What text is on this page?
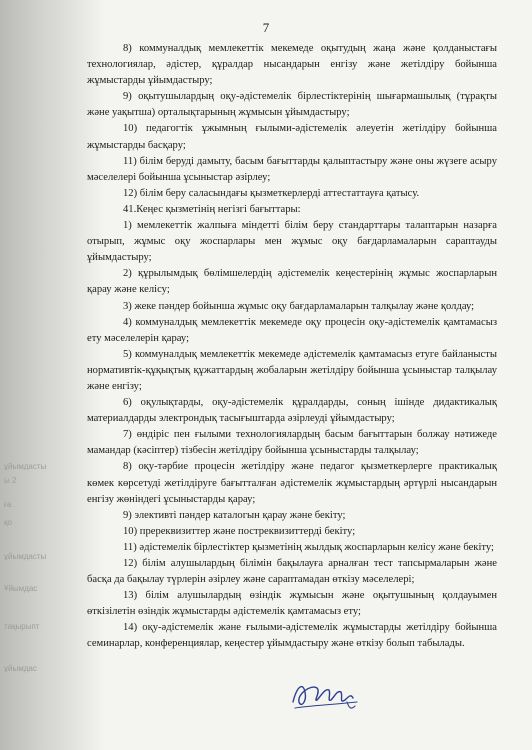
ұйымдасты
ы 2
ға
қо
ұйымдасты
Ұйымдас
тақырыпт
ұйымдас
7

8) коммуналдық мемлекеттік мекемеде оқытудың жаңа және қолданыстағы технологиялар, әдістер, құралдар нысандарын енгізу және жетілдіру бойынша жұмыстарды ұйымдастыру;

9) оқытушылардың оқу-әдістемелік бірлестіктерінің шығармашылық (тұрақты және уақытша) орталықтарының жұмысын ұйымдастыру;

10) педагогтік ұжымның ғылыми-әдістемелік әлеуетін жетілдіру бойынша жұмыстарды басқару;

11) білім беруді дамыту, басым бағыттарды қалыптастыру және оны жүзеге асыру мәселелері бойынша ұсыныстар әзірлеу;

12) білім беру саласындағы қызметкерлерді аттестаттауға қатысу.

41.Кеңес қызметінің негізгі бағыттары:

1) мемлекеттік жалпыға міндетті білім беру стандарттары талаптарын назарға отырып, жұмыс оқу жоспарлары мен жұмыс оқу бағдарламаларын сараптауды ұйымдастыру;

2) құрылымдық бөлімшелердің әдістемелік кеңестерінің жұмыс жоспарларын қарау және келісу;

3) жеке пәндер бойынша жұмыс оқу бағдарламаларын талқылау және қолдау;

4) коммуналдық мемлекеттік мекемеде оқу процесін оқу-әдістемелік қамтамасыз ету мәселелерін қарау;

5) коммуналдық мемлекеттік мекемеде әдістемелік қамтамасыз етуге байланысты нормативтік-құқықтық құжаттардың жобаларын жетілдіру бойынша ұсыныстар талқылау және енгізу;

6) оқулықтарды, оқу-әдістемелік құралдарды, соның ішінде дидактикалық материалдарды электрондық тасығыштарда әзірлеуді ұйымдастыру;

7) өндіріс пен ғылыми технологиялардың басым бағыттарын болжау нәтижеде мамандар (кәсіптер) тізбесін жетілдіру бойынша ұсыныстарды талқылау;

8) оқу-тәрбие процесін жетілдіру және педагог қызметкерлерге практикалық көмек көрсетуді жетілдіруге бағытталған әдістемелік жұмыстардың әртүрлі нысандарын енгізу жөніндегі ұсыныстарды қарау;

9) элективті пәндер каталогын қарау және бекіту;

10) пререквизиттер және постреквизиттерді бекіту;

11) әдістемелік бірлестіктер қызметінің жылдық жоспарларын келісу және бекіту;

12) білім алушылардың білімін бақылауға арналған тест тапсырмаларын және басқа да бақылау түрлерін әзірлеу және сараптамадан өткізу мәселелері;

13) білім алушылардың өзіндік жұмысын және оқытушының қолдауымен өткізілетін өзіндік жұмыстарды әдістемелік қамтамасыз ету;

14) оқу-әдістемелік және ғылыми-әдістемелік жұмыстарды жетілдіру бойынша семинарлар, конференциялар, кеңестер ұйымдастыру және өткізу болып табылады.
